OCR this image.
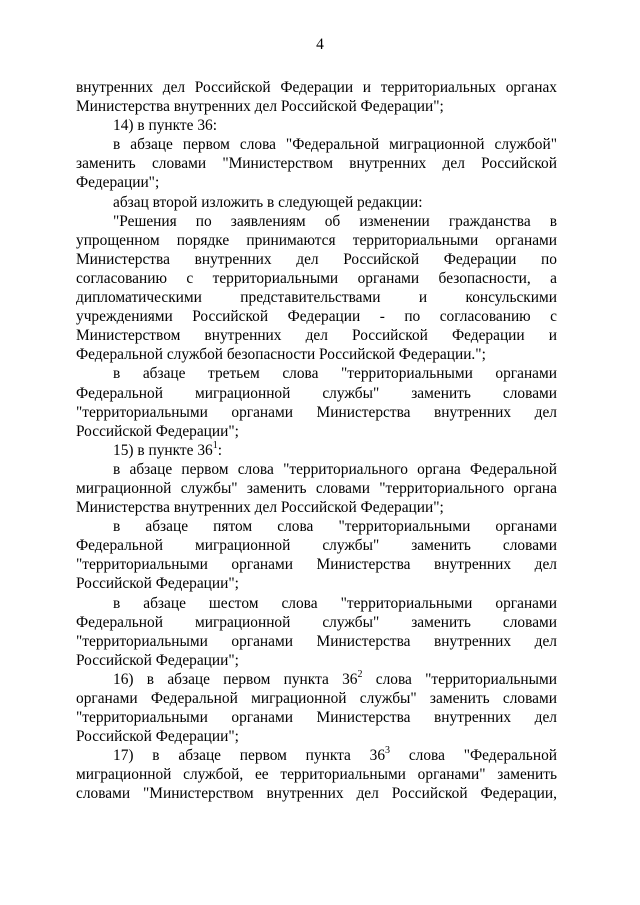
4
внутренних дел Российской Федерации и территориальных органах
Министерства внутренних дел Российской Федерации";
14) в пункте 36:
в абзаце первом слова "Федеральной миграционной службой"
заменить словами "Министерством внутренних дел Российской
Федерации";
абзац второй изложить в следующей редакции:
"Решения по заявлениям об изменении гражданства в
упрощенном порядке принимаются территориальными органами
Министерства внутренних дел Российской Федерации по
согласованию с территориальными органами безопасности, а
дипломатическими представительствами и консульскими
учреждениями Российской Федерации - по согласованию с
Министерством внутренних дел Российской Федерации и
Федеральной службой безопасности Российской Федерации.";
в абзаце третьем слова "территориальными органами
Федеральной миграционной службы" заменить словами
"территориальными органами Министерства внутренних дел
Российской Федерации";
15) в пункте $36^1$:
в абзаце первом слова "территориального органа Федеральной
миграционной службы" заменить словами "территориального органа
Министерства внутренних дел Российской Федерации";
в абзаце пятом слова "территориальными органами
Федеральной миграционной службы" заменить словами
"территориальными органами Министерства внутренних дел
Российской Федерации";
в абзаце шестом слова "территориальными органами
Федеральной миграционной службы" заменить словами
"территориальными органами Министерства внутренних дел
Российской Федерации";
16) в абзаце первом пункта $36^2$ слова "территориальными
органами Федеральной миграционной службы" заменить словами
"территориальными органами Министерства внутренних дел
Российской Федерации";
17) в абзаце первом пункта $36^3$ слова "Федеральной
миграционной службой, ее территориальными органами" заменить
словами "Министерством внутренних дел Российской Федерации,
